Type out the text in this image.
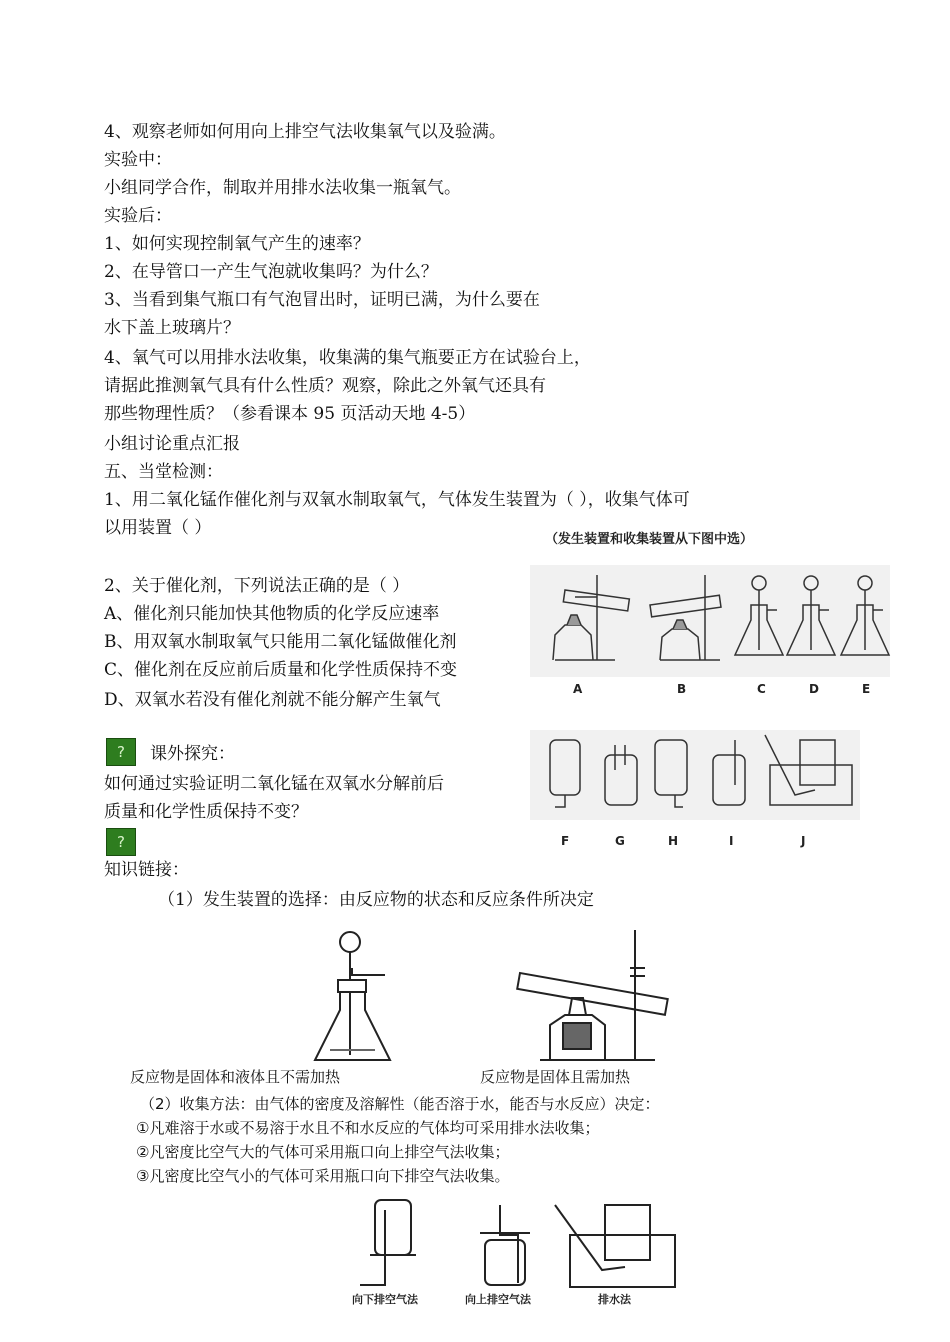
4、观察老师如何用向上排空气法收集氧气以及验满。
实验中：
小组同学合作，制取并用排水法收集一瓶氧气。
实验后：
1、如何实现控制氧气产生的速率？
2、在导管口一产生气泡就收集吗？为什么？
3、当看到集气瓶口有气泡冒出时，证明已满，为什么要在
水下盖上玻璃片？
4、氧气可以用排水法收集，收集满的集气瓶要正方在试验台上，
请据此推测氧气具有什么性质？观察，除此之外氧气还具有
那些物理性质？（参看课本 95 页活动天地 4-5）
小组讨论重点汇报
五、当堂检测：
1、用二氧化锰作催化剂与双氧水制取氧气，气体发生装置为（ ），收集气体可
以用装置（ ）
2、关于催化剂，下列说法正确的是（ ）
A、催化剂只能加快其他物质的化学反应速率
B、用双氧水制取氧气只能用二氧化锰做催化剂
C、催化剂在反应前后质量和化学性质保持不变
D、双氧水若没有催化剂就不能分解产生氧气
?	课外探究：
如何通过实验证明二氧化锰在双氧水分解前后
质量和化学性质保持不变？
?
知识链接：
（1）发生装置的选择：由反应物的状态和反应条件所决定
（发生装置和收集装置从下图中选）
A	B	C	D	E
F	G	H	I	J
反应物是固体和液体且不需加热	反应物是固体且需加热
（2）收集方法：由气体的密度及溶解性（能否溶于水，能否与水反应）决定：
①凡难溶于水或不易溶于水且不和水反应的气体均可采用排水法收集；
②凡密度比空气大的气体可采用瓶口向上排空气法收集；
③凡密度比空气小的气体可采用瓶口向下排空气法收集。
向下排空气法	向上排空气法	排水法
